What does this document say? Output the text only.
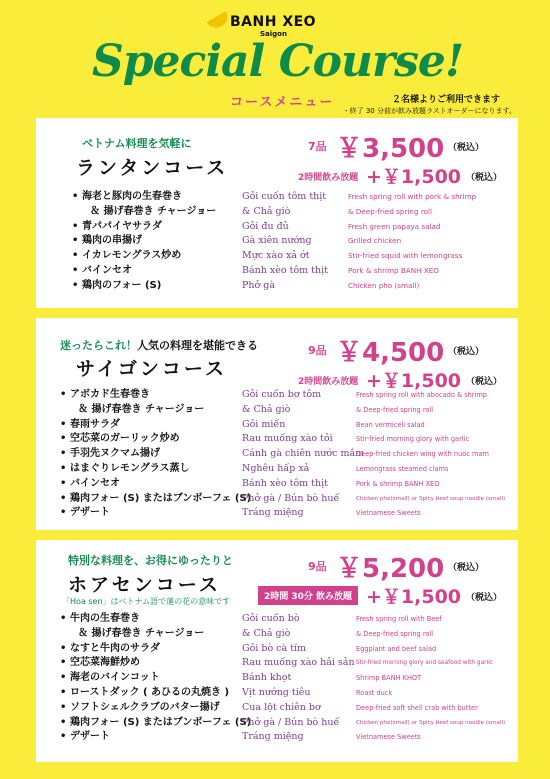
BANH XEO
Saigon
Special Course!
コースメニュー	２名様よりご利用できます
・終了 30 分前が飲み放題ラストオーダーになります。
ベトナム料理を気軽に
ランタンコース
7品 ￥3,500 （税込）
2時間飲み放題 +￥1,500 （税込）
• 海老と豚肉の生春巻き
＆ 揚げ春巻き チャージョー
• 青パパイヤサラダ
• 鶏肉の串揚げ
• イカレモングラス炒め
• バインセオ
• 鶏肉のフォー (S)
Gỏi cuốn tôm thịt
& Chả giò
Gỏi đu đủ
Gà xiên nướng
Mực xào xả ớt
Bánh xèo tôm thịt
Phở gà
Fresh spring roll with pork & shrimp
& Deep-fried spring roll
Fresh green papaya salad
Grilled chicken
Stir-fried squid with lemongrass
Pork & shrimp BANH XEO
Chicken pho (small)
迷ったらこれ！人気の料理を堪能できる
サイゴンコース
9品 ￥4,500 （税込）
2時間飲み放題 +￥1,500 （税込）
• アボカド生春巻き
＆ 揚げ春巻き チャージョー
• 春雨サラダ
• 空芯菜のガーリック炒め
• 手羽先ヌクマム揚げ
• はまぐりレモングラス蒸し
• バインセオ
• 鶏肉フォー (S) またはブンボーフェ (S)
• デザート
Gỏi cuốn bơ tôm
& Chả giò
Gỏi miến
Rau muống xào tỏi
Cánh gà chiên nước mắm
Nghêu hấp xả
Bánh xèo tôm thịt
Phở gà / Bún bò huế
Tráng miệng
Fresh spring roll with abocado & shrimp
& Deep-fried spring roll
Bean vermiceli salad
Stir-fried morning glory with garlic
Deep-fried chicken wing with nuoc mam
Lemongrass steamed clams
Pork & shrimp BANH XEO
Chicken pho(small) or Spicy beef soup noodle (small)
Vietnamese Sweets
特別な料理を、お得にゆったりと
ホアセンコース
「Hoa sen」はベトナム語で蓮の花の意味です
9品 ￥5,200 （税込）
2時間 30分 飲み放題 +￥1,500 （税込）
• 牛肉の生春巻き
＆ 揚げ春巻き チャージョー
• なすと牛肉のサラダ
• 空芯菜海鮮炒め
• 海老のバインコット
• ローストダック ( あひるの丸焼き )
• ソフトシェルクラブのバター揚げ
• 鶏肉フォー (S) またはブンボーフェ (S)
• デザート
Gỏi cuốn bò
& Chả giò
Gỏi bò cà tím
Rau muống xào hải sản
Bánh khọt
Vịt nướng tiêu
Cua lột chiên bơ
Phở gà / Bún bò huế
Tráng miệng
Fresh spring roll with Beef
& Deep-fried spring roll
Eggplant and beef salad
Stir-fried morning glory and seafood with garlic
Shrimp BANH KHOT
Roast duck
Deep-fried soft shell crab with butter
Chicken pho(small) or Spicy beef soup noodle (small)
Vietnamese Sweets
